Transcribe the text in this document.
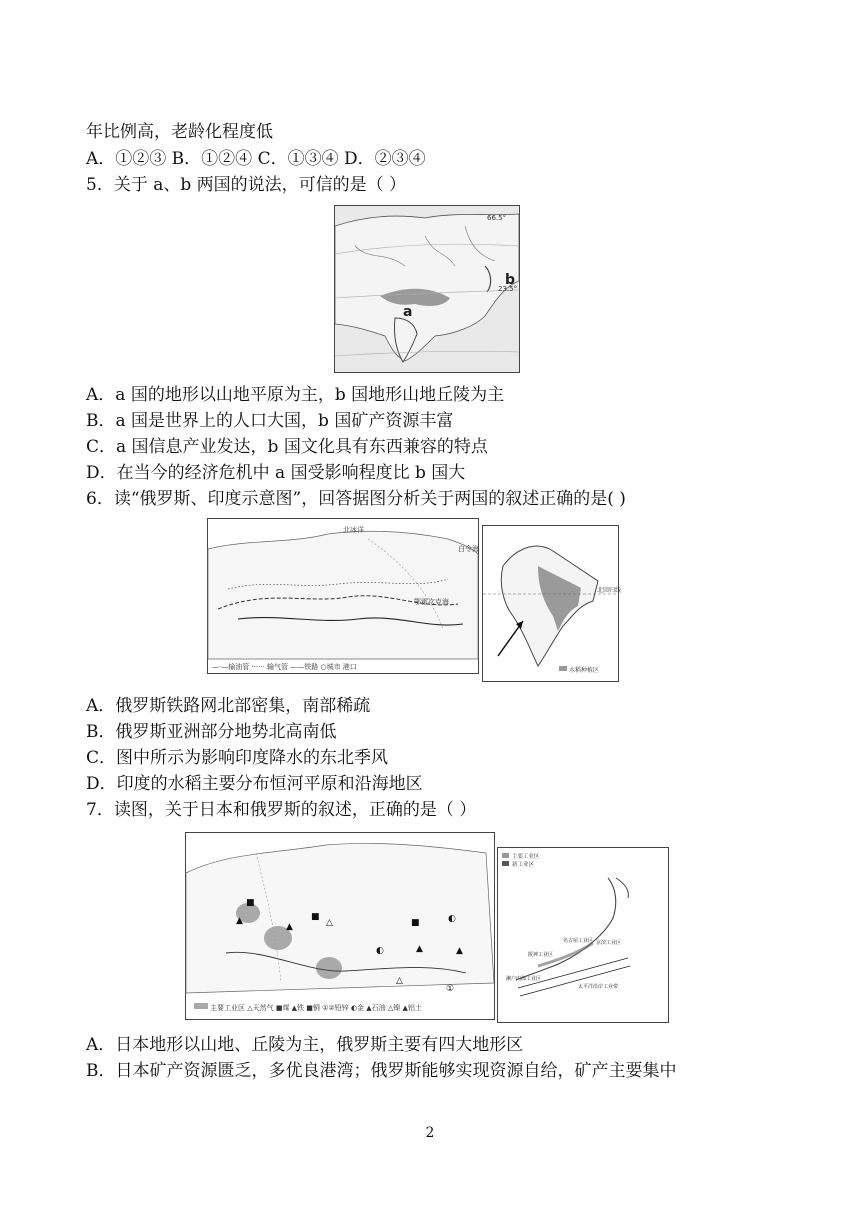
年比例高，老龄化程度低
A．①②③ B．①②④ C．①③④ D．②③④
5．关于 a、b 两国的说法，可信的是（ ）
66.5°
23.5°
a
b
A．a 国的地形以山地平原为主，b 国地形山地丘陵为主
B．a 国是世界上的人口大国，b 国矿产资源丰富
C．a 国信息产业发达，b 国文化具有东西兼容的特点
D．在当今的经济危机中 a 国受影响程度比 b 国大
6．读“俄罗斯、印度示意图”，回答据图分析关于两国的叙述正确的是( )
北冰洋
白令海
鄂霍次克海
—·—输油管 ······ 输气管 ——铁路 ○城市 港口
北回归线
水稻种植区
A．俄罗斯铁路网北部密集，南部稀疏
B．俄罗斯亚洲部分地势北高南低
C．图中所示为影响印度降水的东北季风
D．印度的水稻主要分布恒河平原和沿海地区
7．读图，关于日本和俄罗斯的叙述，正确的是（ ）
▲
■
▲
■
△
◐
■	◐
▲
▲
△
①
主要工业区 △天然气 ■煤 ▲铁 ■铜 ①②铅锌 ◐金 ▲石油 △镍 ▲铝土
主要工业区
新工业区
名古屋工业区 京滨工业区
阪神工业区
濑户内海工业区
太平洋沿岸工业带
A．日本地形以山地、丘陵为主，俄罗斯主要有四大地形区
B．日本矿产资源匮乏，多优良港湾；俄罗斯能够实现资源自给，矿产主要集中
2
